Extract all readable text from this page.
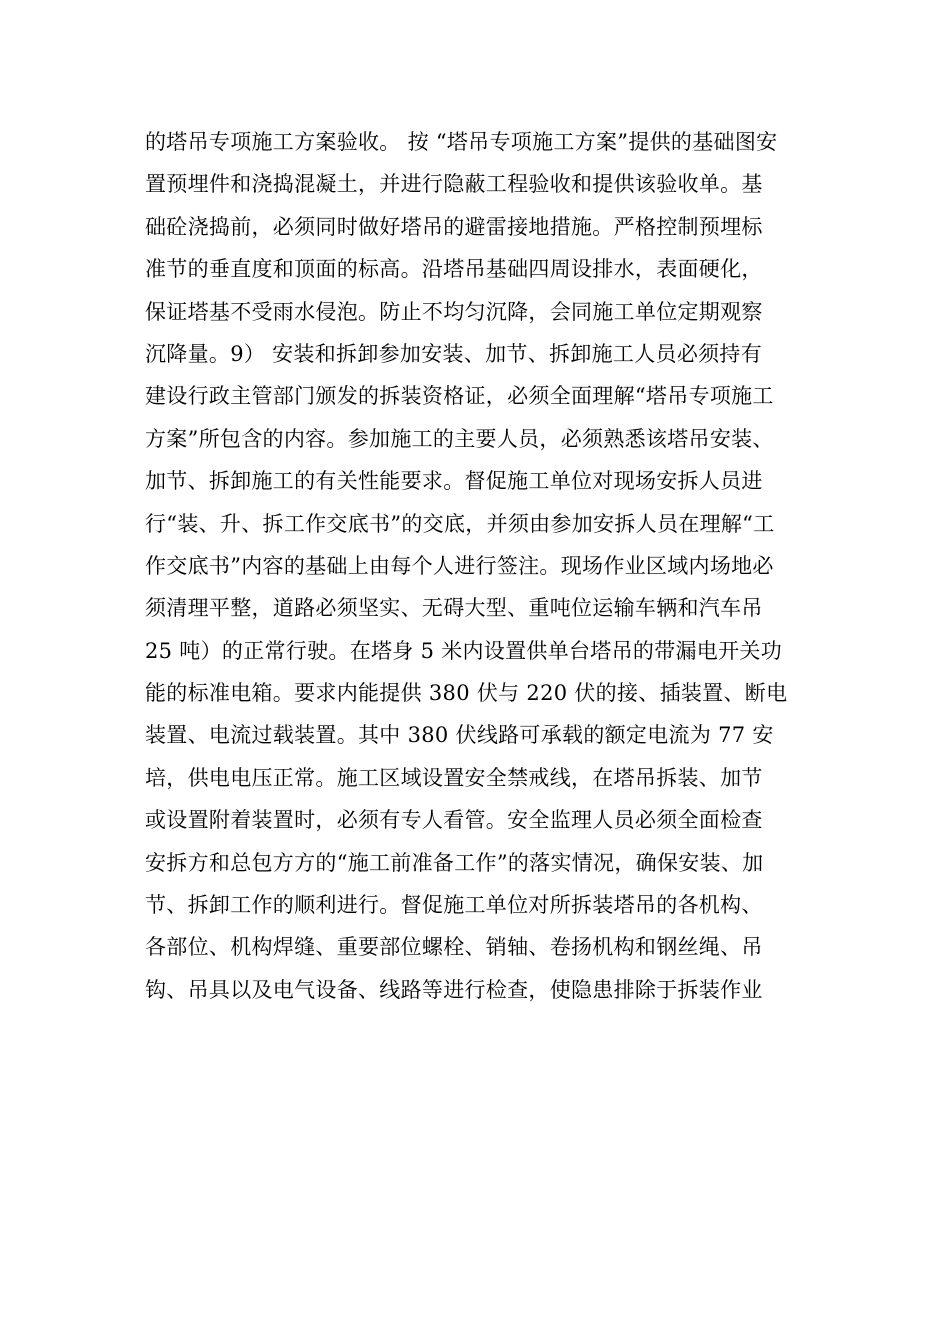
的塔吊专项施工方案验收。 按 “塔吊专项施工方案”提供的基础图安
置预埋件和浇捣混凝土，并进行隐蔽工程验收和提供该验收单。基
础砼浇捣前，必须同时做好塔吊的避雷接地措施。严格控制预埋标
准节的垂直度和顶面的标高。沿塔吊基础四周设排水，表面硬化，
保证塔基不受雨水侵泡。防止不均匀沉降，会同施工单位定期观察
沉降量。9） 安装和拆卸参加安装、加节、拆卸施工人员必须持有
建设行政主管部门颁发的拆装资格证，必须全面理解“塔吊专项施工
方案”所包含的内容。参加施工的主要人员，必须熟悉该塔吊安装、
加节、拆卸施工的有关性能要求。督促施工单位对现场安拆人员进
行“装、升、拆工作交底书”的交底，并须由参加安拆人员在理解“工
作交底书”内容的基础上由每个人进行签注。现场作业区域内场地必
须清理平整，道路必须坚实、无碍大型、重吨位运输车辆和汽车吊
25 吨）的正常行驶。在塔身 5 米内设置供单台塔吊的带漏电开关功
能的标准电箱。要求内能提供 380 伏与 220 伏的接、插装置、断电
装置、电流过载装置。其中 380 伏线路可承载的额定电流为 77 安
培，供电电压正常。施工区域设置安全禁戒线，在塔吊拆装、加节
或设置附着装置时，必须有专人看管。安全监理人员必须全面检查
安拆方和总包方方的“施工前准备工作”的落实情况，确保安装、加
节、拆卸工作的顺利进行。督促施工单位对所拆装塔吊的各机构、
各部位、机构焊缝、重要部位螺栓、销轴、卷扬机构和钢丝绳、吊
钩、吊具以及电气设备、线路等进行检查，使隐患排除于拆装作业
